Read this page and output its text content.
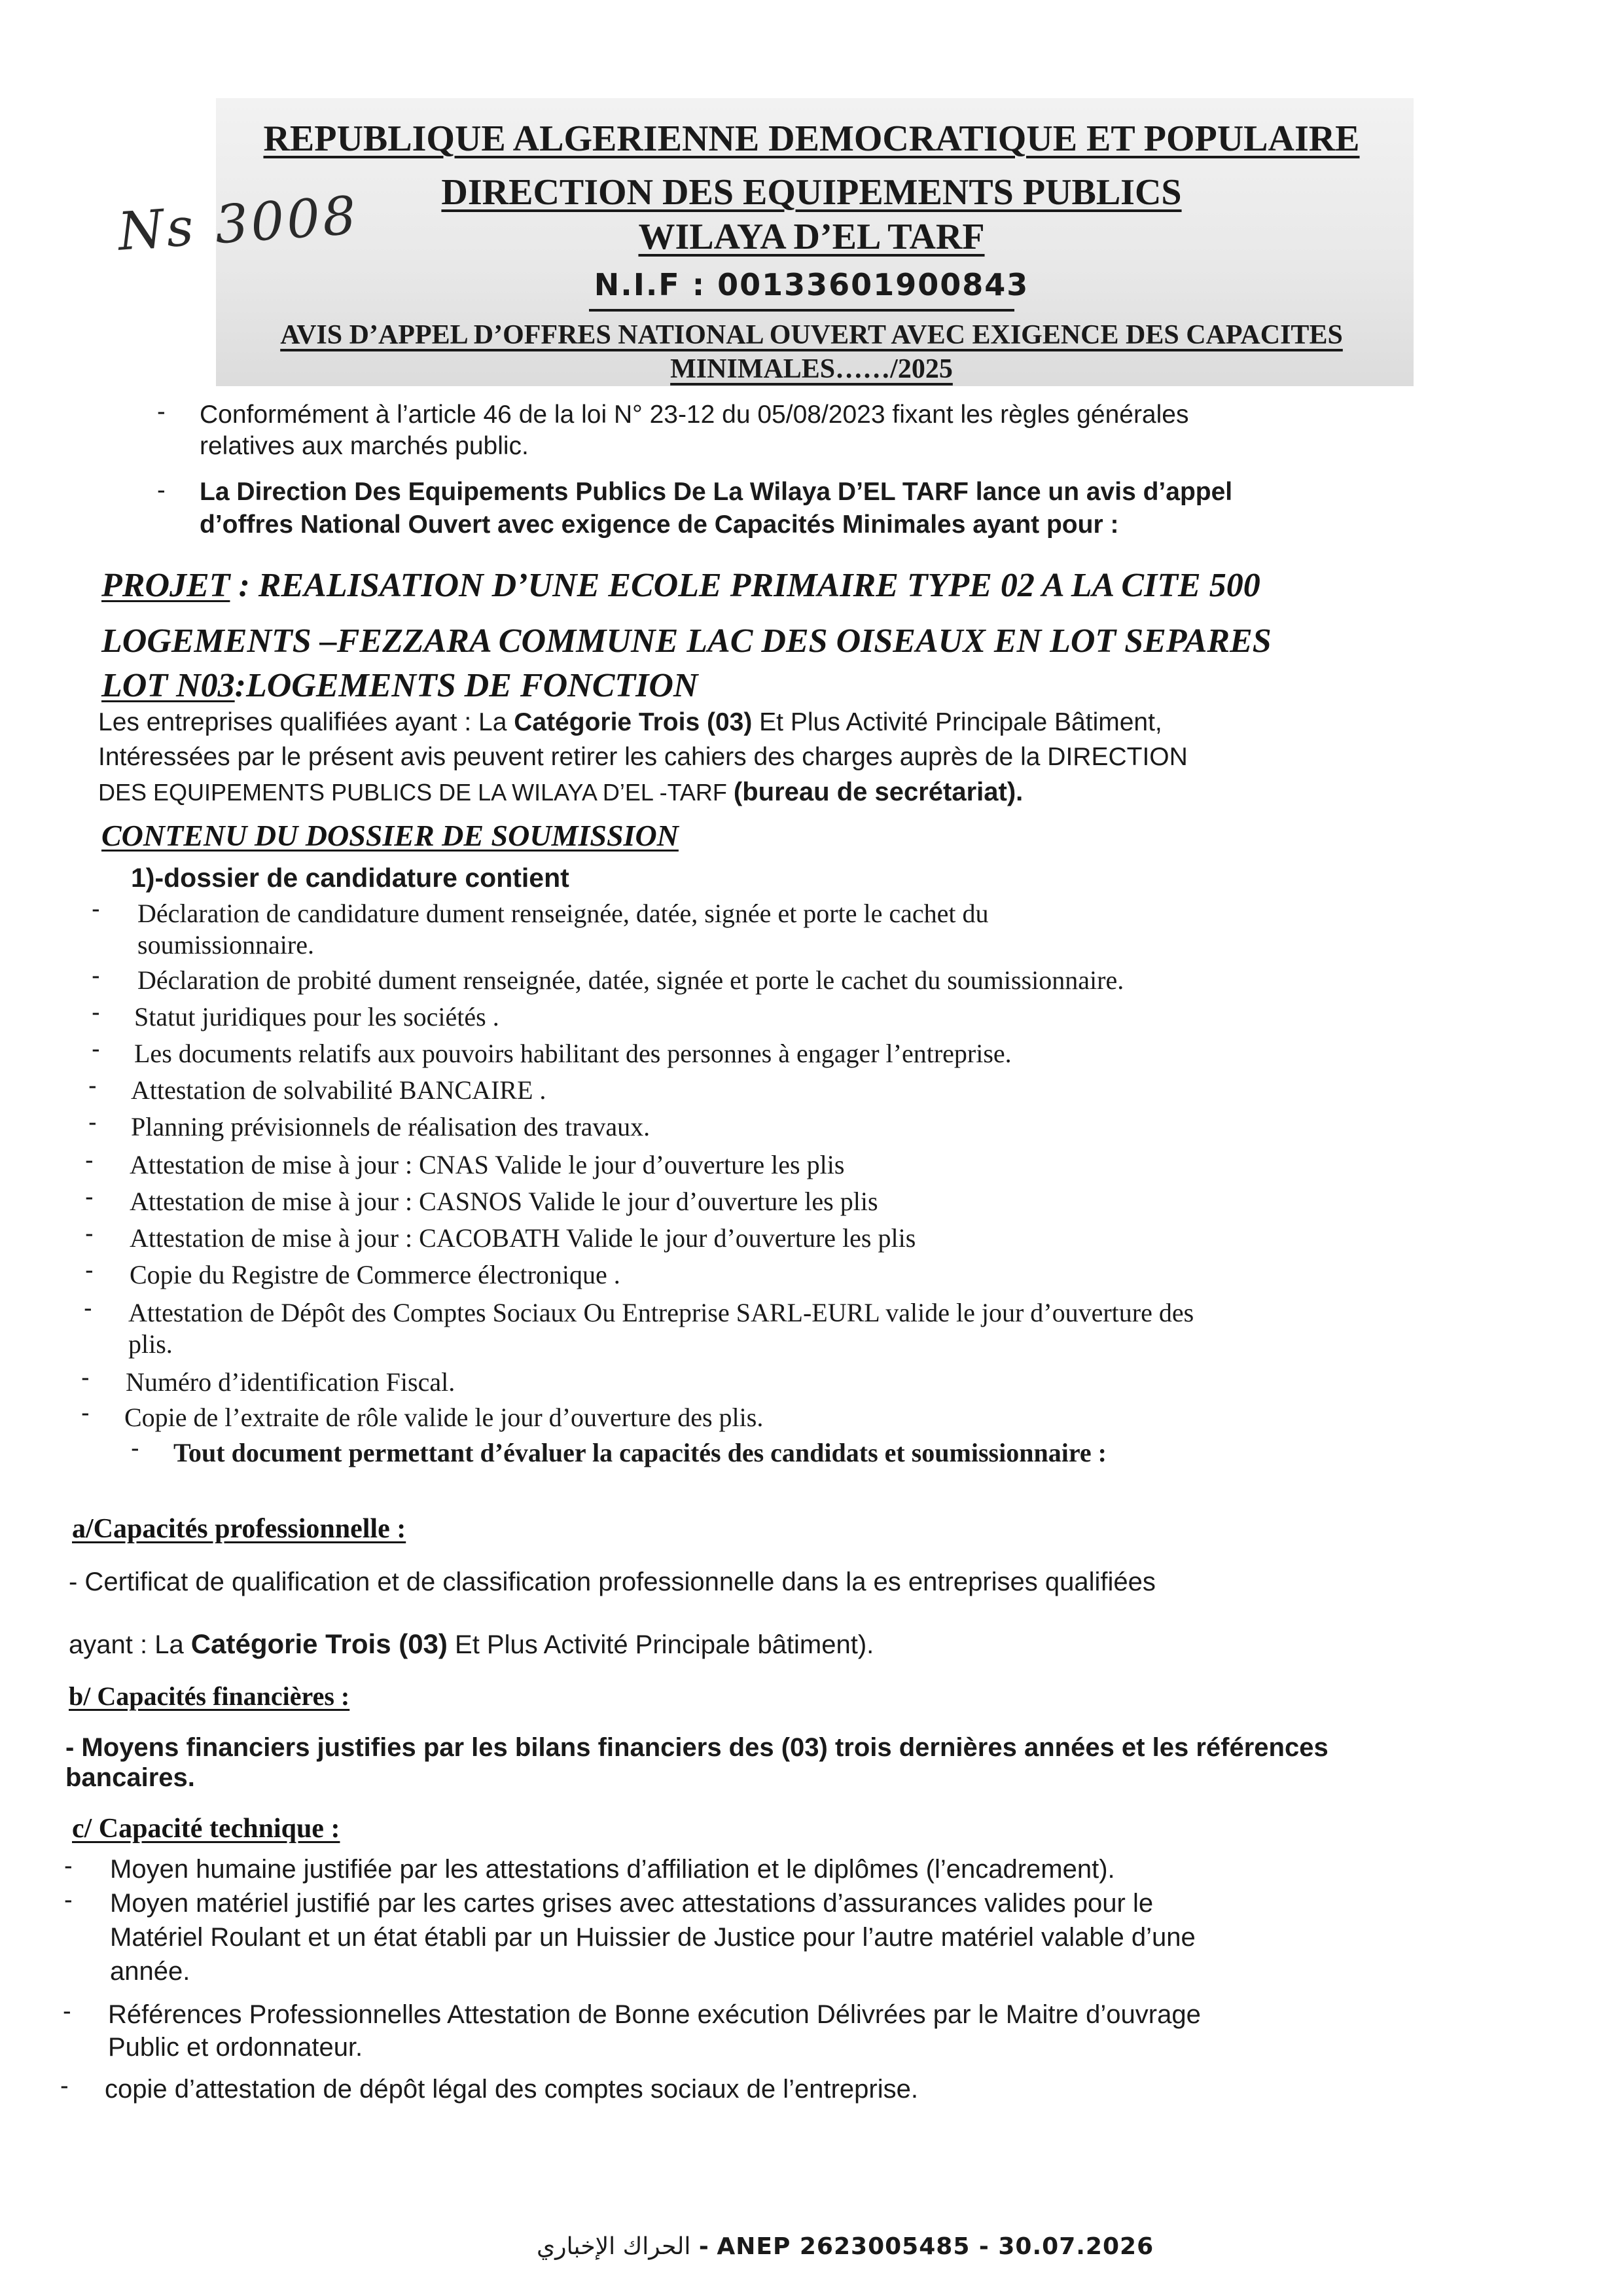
REPUBLIQUE ALGERIENNE DEMOCRATIQUE ET POPULAIRE
DIRECTION DES EQUIPEMENTS PUBLICS
WILAYA D’EL TARF
N.I.F : 00133601900843
AVIS D’APPEL D’OFFRES NATIONAL OUVERT AVEC EXIGENCE DES CAPACITES
MINIMALES……/2025
Ns 3008
- Conformément à l’article 46 de la loi N° 23-12 du 05/08/2023 fixant les règles générales
relatives aux marchés public.
- La Direction Des Equipements Publics De La Wilaya D’EL TARF lance un avis d’appel
d’offres National Ouvert avec exigence de Capacités Minimales ayant pour :
PROJET : REALISATION D’UNE ECOLE PRIMAIRE TYPE 02 A LA CITE 500
LOGEMENTS –FEZZARA COMMUNE LAC DES OISEAUX EN LOT SEPARES
LOT N03:LOGEMENTS DE FONCTION
Les entreprises qualifiées ayant : La Catégorie Trois (03) Et Plus Activité Principale Bâtiment,
Intéressées par le présent avis peuvent retirer les cahiers des charges auprès de la DIRECTION
DES EQUIPEMENTS PUBLICS DE LA WILAYA D’EL -TARF (bureau de secrétariat).
CONTENU DU DOSSIER DE SOUMISSION
1)-dossier de candidature contient
- Déclaration de candidature dument renseignée, datée, signée et porte le cachet du
soumissionnaire.
- Déclaration de probité dument renseignée, datée, signée et porte le cachet du soumissionnaire.
- Statut juridiques pour les sociétés .
- Les documents relatifs aux pouvoirs habilitant des personnes à engager l’entreprise.
- Attestation de solvabilité BANCAIRE .
- Planning prévisionnels de réalisation des travaux.
- Attestation de mise à jour : CNAS Valide le jour d’ouverture les plis
- Attestation de mise à jour : CASNOS Valide le jour d’ouverture les plis
- Attestation de mise à jour : CACOBATH Valide le jour d’ouverture les plis
- Copie du Registre de Commerce électronique .
- Attestation de Dépôt des Comptes Sociaux Ou Entreprise SARL-EURL valide le jour d’ouverture des
plis.
- Numéro d’identification Fiscal.
- Copie de l’extraite de rôle valide le jour d’ouverture des plis.
- Tout document permettant d’évaluer la capacités des candidats et soumissionnaire :
a/Capacités professionnelle :
- Certificat de qualification et de classification professionnelle dans la es entreprises qualifiées
ayant : La Catégorie Trois (03) Et Plus Activité Principale bâtiment).
b/ Capacités financières :
- Moyens financiers justifies par les bilans financiers des (03) trois dernières années et les références
bancaires.
c/ Capacité technique :
- Moyen humaine justifiée par les attestations d’affiliation et le diplômes (l’encadrement).
- Moyen matériel justifié par les cartes grises avec attestations d’assurances valides pour le
Matériel Roulant et un état établi par un Huissier de Justice pour l’autre matériel valable d’une
année.
- Références Professionnelles Attestation de Bonne exécution Délivrées par le Maitre d’ouvrage
Public et ordonnateur.
- copie d’attestation de dépôt légal des comptes sociaux de l’entreprise.
الحراك الإخباري - ANEP 2623005485 - 30.07.2026
